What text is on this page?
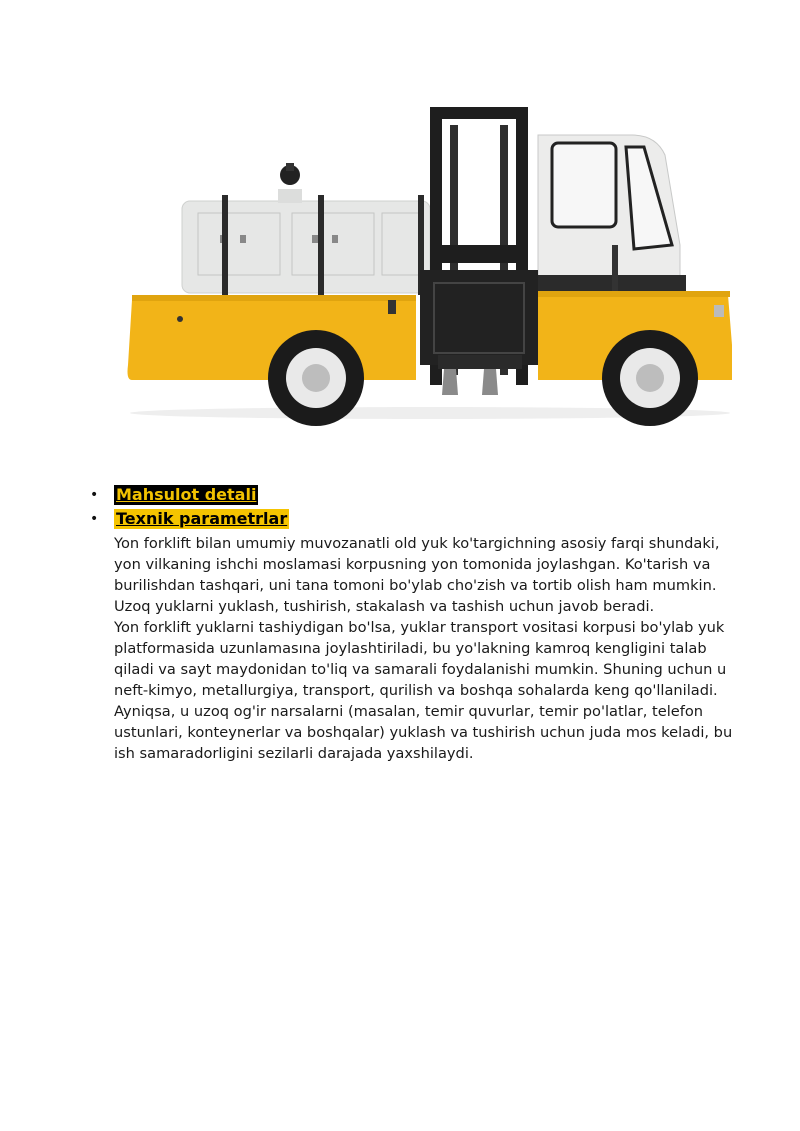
• Mahsulot detali
• Texnik parametrlar

Yon forklift bilan umumiy muvozanatli old yuk ko'targichning asosiy farqi shundaki, yon vilkaning ishchi moslamasi korpusning yon tomonida joylashgan. Ko'tarish va burilishdan tashqari, uni tana tomoni bo'ylab cho'zish va tortib olish ham mumkin. Uzoq yuklarni yuklash, tushirish, stakalash va tashish uchun javob beradi.

Yon forklift yuklarni tashiydigan bo'lsa, yuklar transport vositasi korpusi bo'ylab yuk platformasida uzunlamasına joylashtiriladi, bu yo'lakning kamroq kengligini talab qiladi va sayt maydonidan to'liq va samarali foydalanishi mumkin. Shuning uchun u neft-kimyo, metallurgiya, transport, qurilish va boshqa sohalarda keng qo'llaniladi. Ayniqsa, u uzoq og'ir narsalarni (masalan, temir quvurlar, temir po'latlar, telefon ustunlari, konteynerlar va boshqalar) yuklash va tushirish uchun juda mos keladi, bu ish samaradorligini sezilarli darajada yaxshilaydi.
